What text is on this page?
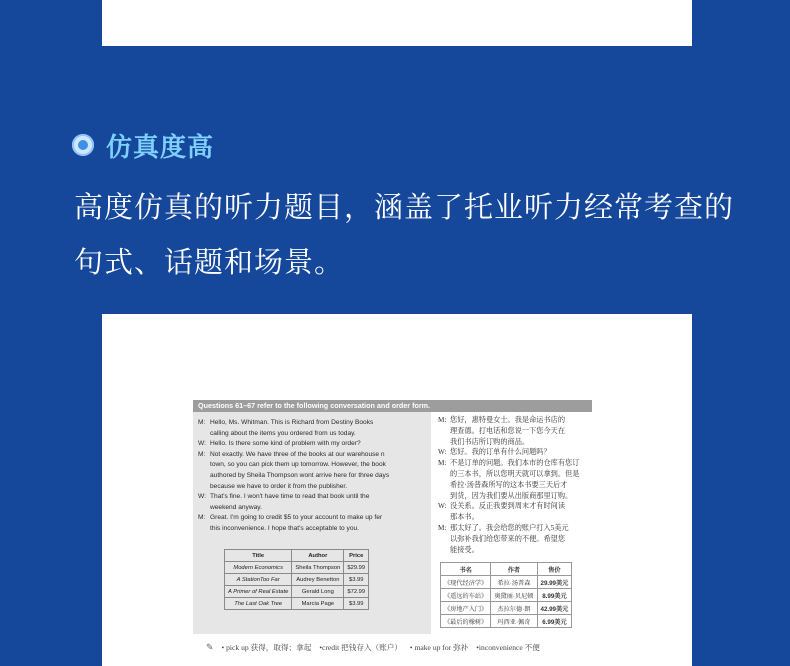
仿真度高
高度仿真的听力题目，涵盖了托业听力经常考查的
句式、话题和场景。
Questions 61–67 refer to the following conversation and order form.
M: Hello, Ms. Whitman. This is Richard from Destiny Books
calling about the items you ordered from us today.
W: Hello. Is there some kind of problem with my order?
M: Not exactly. We have three of the books at our warehouse n
town, so you can pick them up tomorrow. However, the book
authored by Sheila Thompson wont arrive here for three days
because we have to order it from the publisher.
W: That's fine. I won't have time to read that book until the
weekend anyway.
M: Great. I'm going to credit $5 to your account to make up fer
this inconvenience. I hope that's acceptable to you.
Title	Author	Price
Modern Economics	Sheila Thompson	$29.99
A StationToo Far	Audrey Benetton	$3.99
A Primer of Real Estate	Gerald Long	$72.99
The Last Oak Tree	Marcia Page	$3.99
M: 您好，惠特曼女士。我是命运书店的
理查德。打电话和您说一下您今天在
我们书店所订购的商品。
W: 您好。我的订单有什么问题吗？
M: 不是订单的问题。我们本市的仓库有您订
的三本书，所以您明天就可以拿到。但是
希拉·汤普森所写的这本书要三天后才
到货，因为我们要从出版商那里订购。
W: 没关系。反正我要到周末才有时间读
那本书。
M: 那太好了。我会给您的账户打入5美元
以弥补我们给您带来的不便。希望您
能接受。
书名	作者	售价
《现代经济学》	希拉·汤普森	29.99美元
《遥远的车站》	奥黛丽·贝尼顿	8.99美元
《房地产入门》	杰拉尔德·朗	42.99美元
《最后的橡树》	玛西亚·佩奇	6.99美元
✎ • pick up 获得，取得；拿起 •credit 把钱存入（账户） • make up for 弥补 •inconvenience 不便
